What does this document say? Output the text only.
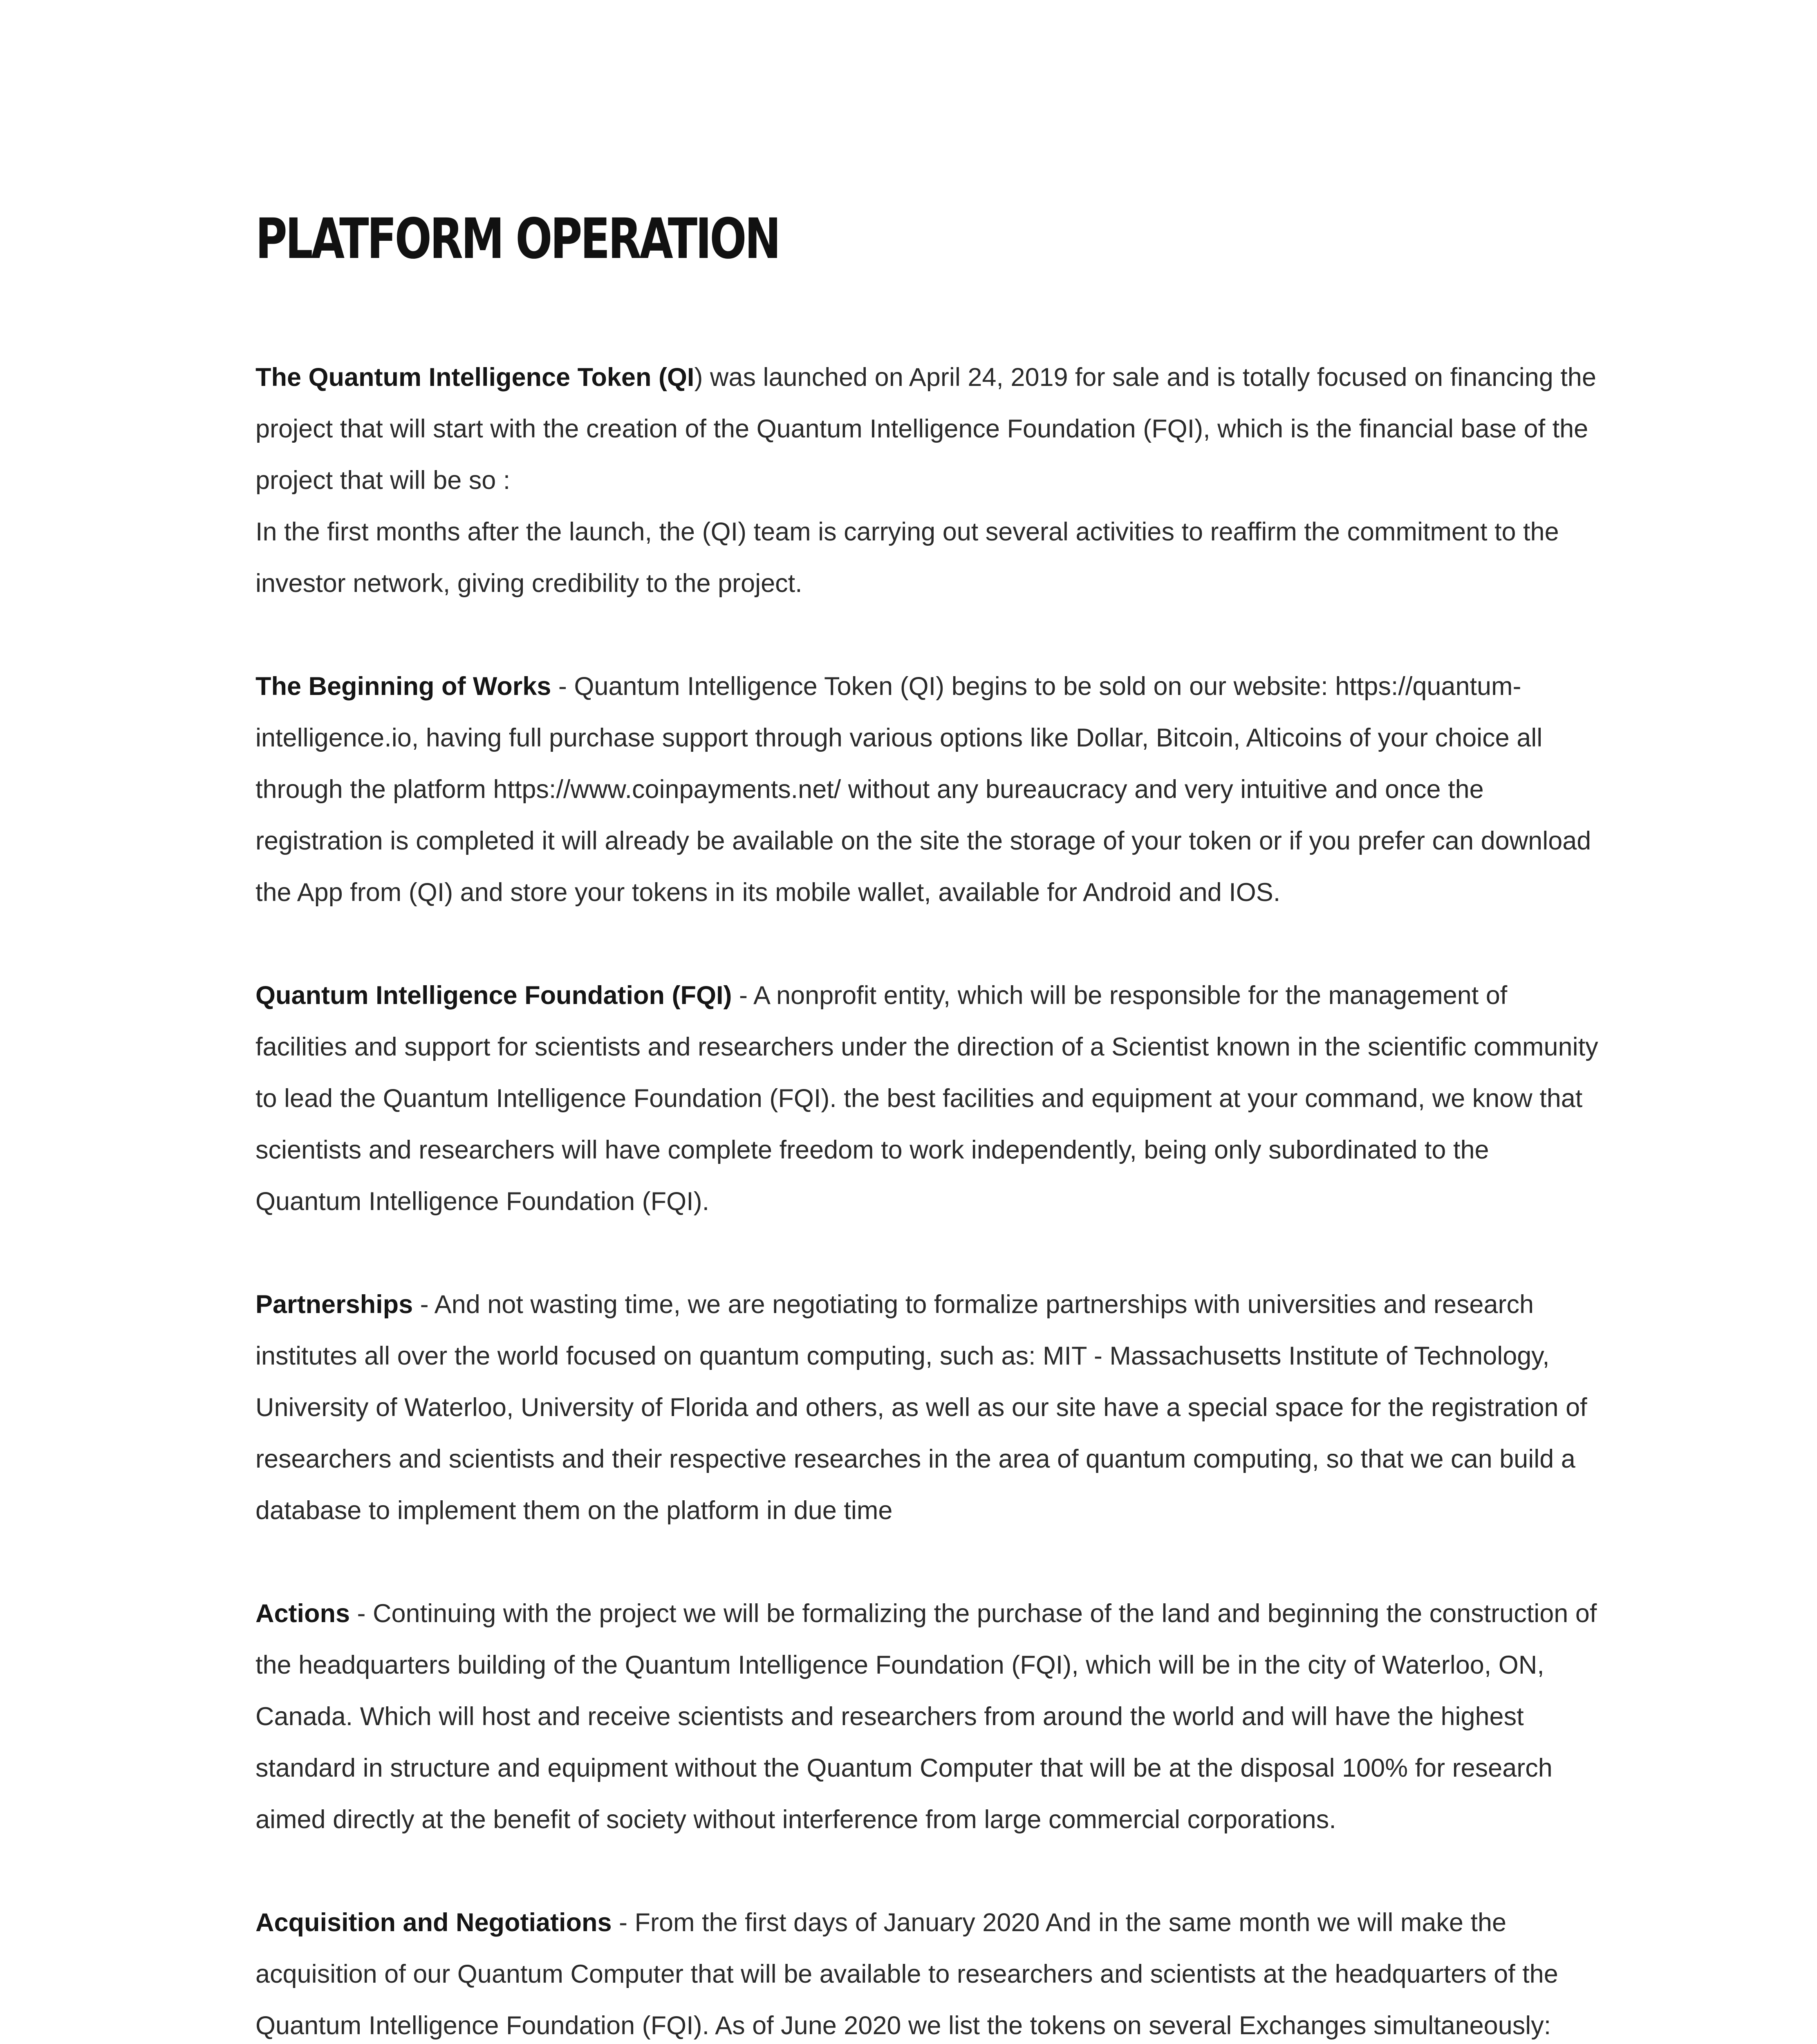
PLATFORM OPERATION

The Quantum Intelligence Token (QI) was launched on April 24, 2019 for sale and is totally focused on financing the project that will start with the creation of the Quantum Intelligence Foundation (FQI), which is the financial base of the project that will be so :
In the first months after the launch, the (QI) team is carrying out several activities to reaffirm the commitment to the investor network, giving credibility to the project.

The Beginning of Works - Quantum Intelligence Token (QI) begins to be sold on our website: https://quantum-intelligence.io, having full purchase support through various options like Dollar, Bitcoin, Alticoins of your choice all through the platform https://www.coinpayments.net/ without any bureaucracy and very intuitive and once the registration is completed it will already be available on the site the storage of your token or if you prefer can download the App from (QI) and store your tokens in its mobile wallet, available for Android and IOS.

Quantum Intelligence Foundation (FQI) - A nonprofit entity, which will be responsible for the management of facilities and support for scientists and researchers under the direction of a Scientist known in the scientific community to lead the Quantum Intelligence Foundation (FQI). the best facilities and equipment at your command, we know that scientists and researchers will have complete freedom to work independently, being only subordinated to the Quantum Intelligence Foundation (FQI).

Partnerships - And not wasting time, we are negotiating to formalize partnerships with universities and research institutes all over the world focused on quantum computing, such as: MIT - Massachusetts Institute of Technology, University of Waterloo, University of Florida and others, as well as our site have a special space for the registration of researchers and scientists and their respective researches in the area of quantum computing, so that we can build a database to implement them on the platform in due time

Actions - Continuing with the project we will be formalizing the purchase of the land and beginning the construction of the headquarters building of the Quantum Intelligence Foundation (FQI), which will be in the city of Waterloo, ON, Canada. Which will host and receive scientists and researchers from around the world and will have the highest standard in structure and equipment without the Quantum Computer that will be at the disposal 100% for research aimed directly at the benefit of society without interference from large commercial corporations.

Acquisition and Negotiations - From the first days of January 2020 And in the same month we will make the acquisition of our Quantum Computer that will be available to researchers and scientists at the headquarters of the Quantum Intelligence Foundation (FQI). As of June 2020 we list the tokens on several Exchanges simultaneously:
